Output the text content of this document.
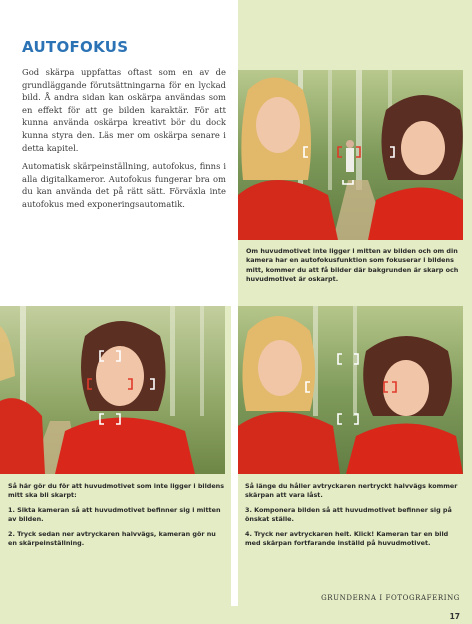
AUTOFOKUS

God skärpa uppfattas oftast som en av de grundläggande förutsättningarna för en lyckad bild. Å andra sidan kan oskärpa användas som en effekt för att ge bilden karaktär. För att kunna använda oskärpa kreativt bör du dock kunna styra den. Läs mer om oskärpa senare i detta kapitel.

Automatisk skärpeinställning, autofokus, finns i alla digitalkameror. Autofokus fungerar bra om du kan använda det på rätt sätt. Förväxla inte autofokus med exponeringsautomatik.

Om huvudmotivet inte ligger i mitten av bilden och om din kamera har en autofokusfunktion som fokuserar i bildens mitt, kommer du att få bilder där bakgrunden är skarp och huvudmotivet är oskarpt.

Så här gör du för att huvudmotivet som inte ligger i bildens mitt ska bli skarpt:

1. Sikta kameran så att huvudmotivet befinner sig i mitten av bilden.

2. Tryck sedan ner avtryckaren halvvägs, kameran gör nu en skärpeinställning.

Så länge du håller avtryckaren nertryckt halvvägs kommer skärpan att vara låst.

3. Komponera bilden så att huvudmotivet befinner sig på önskat ställe.

4. Tryck ner avtryckaren helt. Klick! Kameran tar en bild med skärpan fortfarande inställd på huvudmotivet.

GRUNDERNA I FOTOGRAFERING 17
